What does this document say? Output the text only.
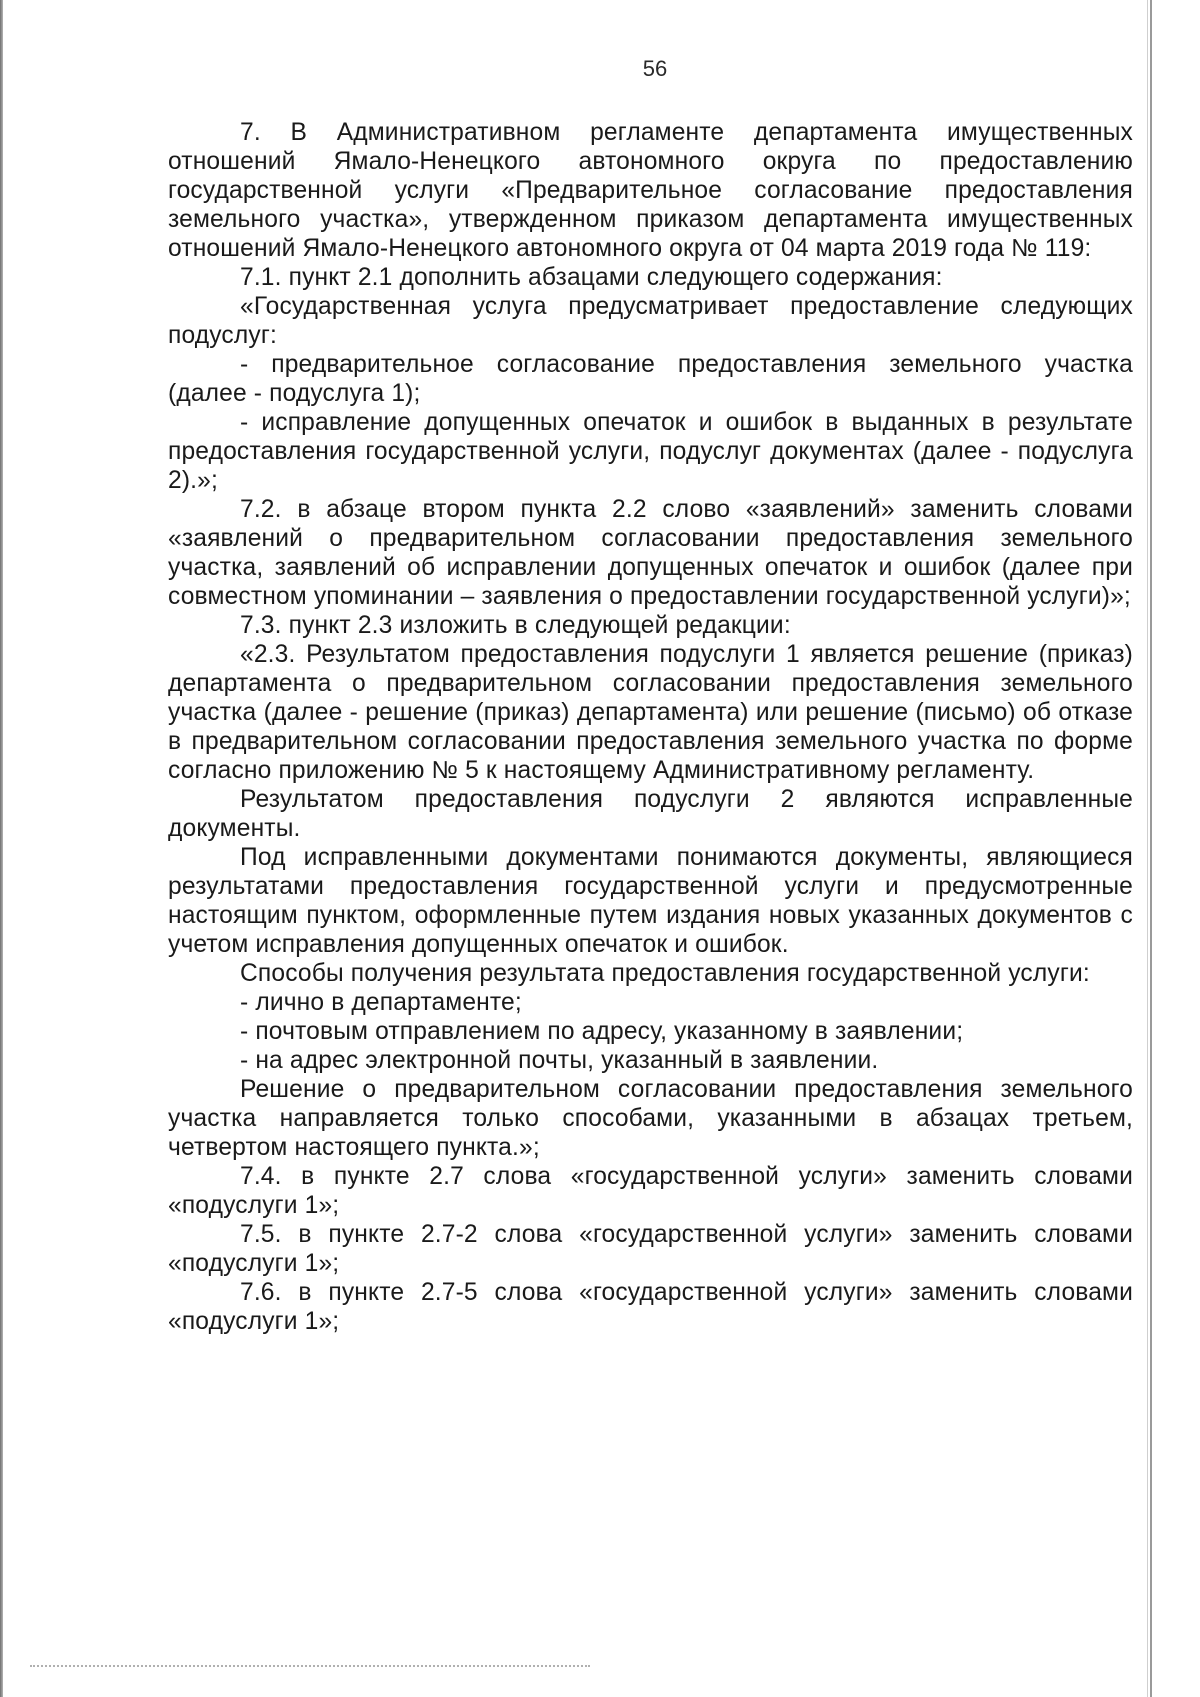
56

7. В Административном регламенте департамента имущественных отношений Ямало-Ненецкого автономного округа по предоставлению государственной услуги «Предварительное согласование предоставления земельного участка», утвержденном приказом департамента имущественных отношений Ямало-Ненецкого автономного округа от 04 марта 2019 года № 119:

7.1. пункт 2.1 дополнить абзацами следующего содержания:

«Государственная услуга предусматривает предоставление следующих подуслуг:

- предварительное согласование предоставления земельного участка (далее - подуслуга 1);

- исправление допущенных опечаток и ошибок в выданных в результате предоставления государственной услуги, подуслуг документах (далее - подуслуга 2).»;

7.2. в абзаце втором пункта 2.2 слово «заявлений» заменить словами «заявлений о предварительном согласовании предоставления земельного участка, заявлений об исправлении допущенных опечаток и ошибок (далее при совместном упоминании – заявления о предоставлении государственной услуги)»;

7.3. пункт 2.3 изложить в следующей редакции:

«2.3. Результатом предоставления подуслуги 1 является решение (приказ) департамента о предварительном согласовании предоставления земельного участка (далее - решение (приказ) департамента) или решение (письмо) об отказе в предварительном согласовании предоставления земельного участка по форме согласно приложению № 5 к настоящему Административному регламенту.

Результатом предоставления подуслуги 2 являются исправленные документы.

Под исправленными документами понимаются документы, являющиеся результатами предоставления государственной услуги и предусмотренные настоящим пунктом, оформленные путем издания новых указанных документов с учетом исправления допущенных опечаток и ошибок.

Способы получения результата предоставления государственной услуги:

- лично в департаменте;

- почтовым отправлением по адресу, указанному в заявлении;

- на адрес электронной почты, указанный в заявлении.

Решение о предварительном согласовании предоставления земельного участка направляется только способами, указанными в абзацах третьем, четвертом настоящего пункта.»;

7.4. в пункте 2.7 слова «государственной услуги» заменить словами «подуслуги 1»;

7.5. в пункте 2.7-2 слова «государственной услуги» заменить словами «подуслуги 1»;

7.6. в пункте 2.7-5 слова «государственной услуги» заменить словами «подуслуги 1»;
